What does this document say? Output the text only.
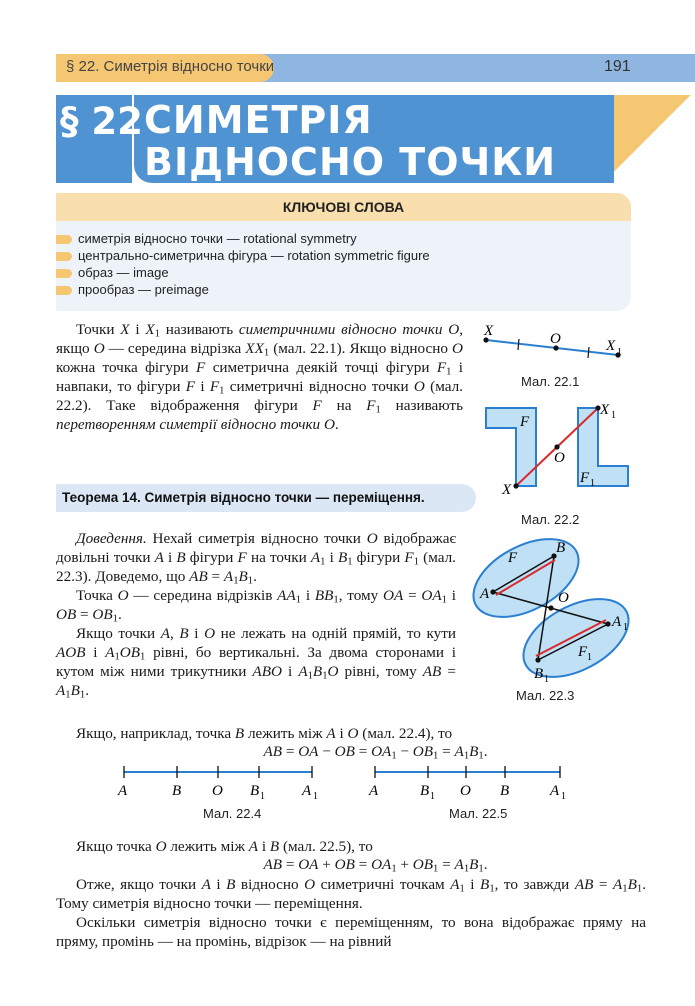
§ 22. Симетрія відносно точки	191
§ 22 СИМЕТРІЯ
ВІДНОСНО ТОЧКИ
КЛЮЧОВІ СЛОВА
симетрія відносно точки — rotational symmetry
центрально-симетрична фігура — rotation symmetric figure
образ — image
прообраз — preimage

Точки X і $X_1$ називають симетричними відносно точки O, якщо O — середина відрізка $XX_1$ (мал. 22.1). Якщо відносно O кожна точка фігури F симетрична деякій точці фігури $F_1$ і навпаки, то фігури F і $F_1$ симетричні відносно точки O (мал. 22.2). Таке відображення фігури F на $F_1$ називають перетворенням симетрії відносно точки O.

X	O	X 1
Мал. 22.1
F
F 1
X
X 1
O
Мал. 22.2
Теорема 14. Симетрія відносно точки — переміщення.

Доведення. Нехай симетрія відносно точки O відображає довільні точки A і B фігури F на точки $A_1$ і $B_1$ фігури $F_1$ (мал. 22.3). Доведемо, що AB = $A_1B_1$.

Точка O — середина відрізків $AA_1$ і $BB_1$, тому OA = $OA_1$ і OB = $OB_1$.

Якщо точки A, B і O не лежать на одній прямій, то кути AOB і $A_1OB_1$ рівні, бо вертикальні. За двома сторонами і кутом між ними трикутники ABO і $A_1B_1O$ рівні, тому AB = $A_1B_1$.

F
B
A	O
A 1
B 1
F 1
Мал. 22.3

Якщо, наприклад, точка B лежить між A і O (мал. 22.4), то

AB = OA − OB = $OA_1 - OB_1 = A_1B_1$.
A	B O B 1 A 1	A	B 1 O B	A 1
Мал. 22.4	Мал. 22.5

Якщо точка O лежить між A і B (мал. 22.5), то

AB = OA + OB = $OA_1 + OB_1 = A_1B_1$.

Отже, якщо точки A і B відносно O симетричні точкам $A_1$ і $B_1$, то завжди AB = $A_1B_1$. Тому симетрія відносно точки — переміщення.

Оскільки симетрія відносно точки є переміщенням, то вона відображає пряму на пряму, промінь — на промінь, відрізок — на рівний
